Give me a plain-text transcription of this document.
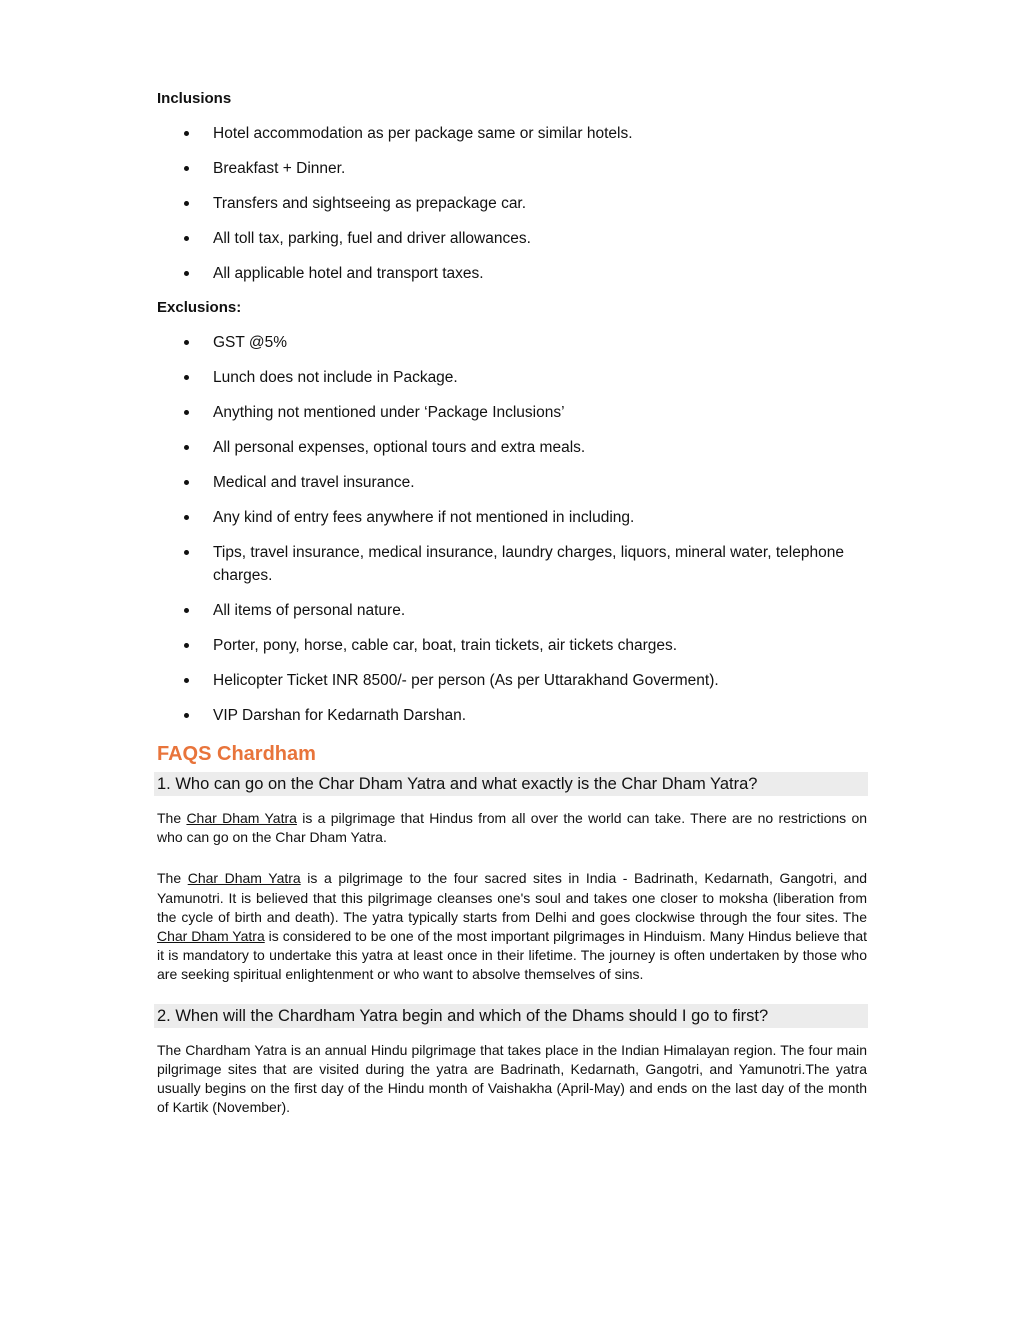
Inclusions

Hotel accommodation as per package same or similar hotels.
Breakfast + Dinner.
Transfers and sightseeing as prepackage car.
All toll tax, parking, fuel and driver allowances.
All applicable hotel and transport taxes.

Exclusions:

GST @5%
Lunch does not include in Package.
Anything not mentioned under ‘Package Inclusions’
All personal expenses, optional tours and extra meals.
Medical and travel insurance.
Any kind of entry fees anywhere if not mentioned in including.
Tips, travel insurance, medical insurance, laundry charges, liquors, mineral water, telephone
charges.
All items of personal nature.
Porter, pony, horse, cable car, boat, train tickets, air tickets charges.
Helicopter Ticket INR 8500/- per person (As per Uttarakhand Goverment).
VIP Darshan for Kedarnath Darshan.

FAQS Chardham

1. Who can go on the Char Dham Yatra and what exactly is the Char Dham Yatra?

The Char Dham Yatra is a pilgrimage that Hindus from all over the world can take. There are no restrictions on who can go on the Char Dham Yatra.

The Char Dham Yatra is a pilgrimage to the four sacred sites in India - Badrinath, Kedarnath, Gangotri, and Yamunotri. It is believed that this pilgrimage cleanses one's soul and takes one closer to moksha (liberation from the cycle of birth and death). The yatra typically starts from Delhi and goes clockwise through the four sites. The Char Dham Yatra is considered to be one of the most important pilgrimages in Hinduism. Many Hindus believe that it is mandatory to undertake this yatra at least once in their lifetime. The journey is often undertaken by those who are seeking spiritual enlightenment or who want to absolve themselves of sins.

2. When will the Chardham Yatra begin and which of the Dhams should I go to first?

The Chardham Yatra is an annual Hindu pilgrimage that takes place in the Indian Himalayan region. The four main pilgrimage sites that are visited during the yatra are Badrinath, Kedarnath, Gangotri, and Yamunotri.The yatra usually begins on the first day of the Hindu month of Vaishakha (April-May) and ends on the last day of the month of Kartik (November).
